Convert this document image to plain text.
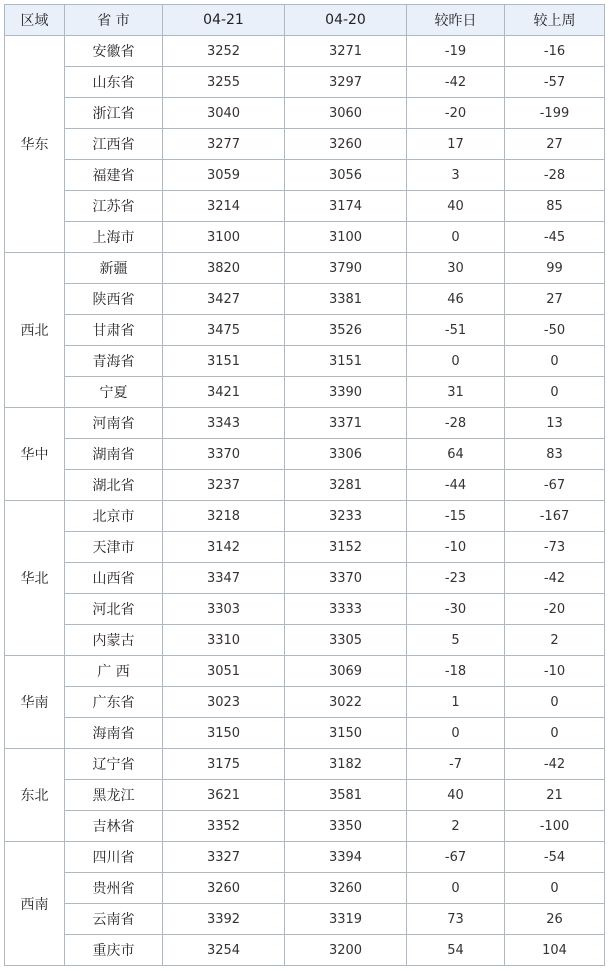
区域	省 市	04-21	04-20	较昨日	较上周
华东	安徽省	3252	3271	-19	-16
	山东省	3255	3297	-42	-57
	浙江省	3040	3060	-20	-199
	江西省	3277	3260	17	27
	福建省	3059	3056	3	-28
	江苏省	3214	3174	40	85
	上海市	3100	3100	0	-45
西北	新疆	3820	3790	30	99
	陕西省	3427	3381	46	27
	甘肃省	3475	3526	-51	-50
	青海省	3151	3151	0	0
	宁夏	3421	3390	31	0
华中	河南省	3343	3371	-28	13
	湖南省	3370	3306	64	83
	湖北省	3237	3281	-44	-67
华北	北京市	3218	3233	-15	-167
	天津市	3142	3152	-10	-73
	山西省	3347	3370	-23	-42
	河北省	3303	3333	-30	-20
	内蒙古	3310	3305	5	2
华南	广 西	3051	3069	-18	-10
	广东省	3023	3022	1	0
	海南省	3150	3150	0	0
东北	辽宁省	3175	3182	-7	-42
	黑龙江	3621	3581	40	21
	吉林省	3352	3350	2	-100
西南	四川省	3327	3394	-67	-54
	贵州省	3260	3260	0	0
	云南省	3392	3319	73	26
	重庆市	3254	3200	54	104
